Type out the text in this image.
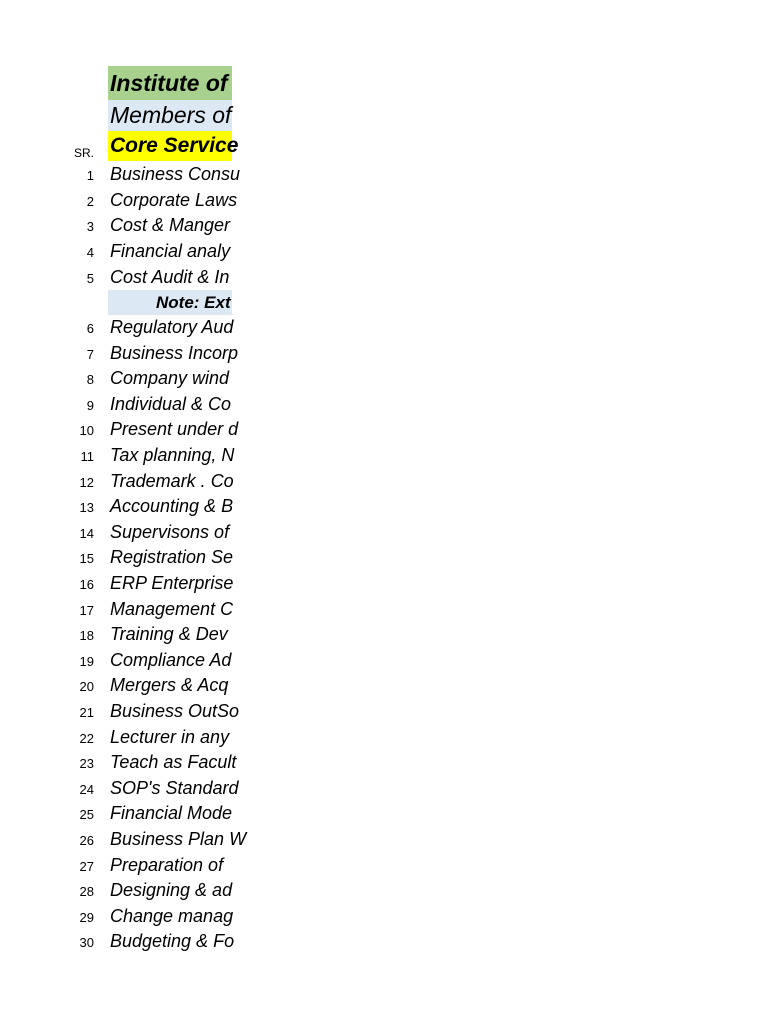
Institute of
Members of
SR. Core Service
1 Business Consu
2 Corporate Laws
3 Cost & Manger
4 Financial analy
5 Cost Audit & In
Note: Ext
6 Regulatory Aud
7 Business Incorp
8 Company wind
9 Individual & Co
10 Present under d
11 Tax planning, N
12 Trademark . Co
13 Accounting & B
14 Supervisons of
15 Registration Se
16 ERP Enterprise
17 Management C
18 Training & Dev
19 Compliance Ad
20 Mergers & Acq
21 Business OutSo
22 Lecturer in any
23 Teach as Facult
24 SOP's Standard
25 Financial Mode
26 Business Plan W
27 Preparation of
28 Designing & ad
29 Change manag
30 Budgeting & Fo
